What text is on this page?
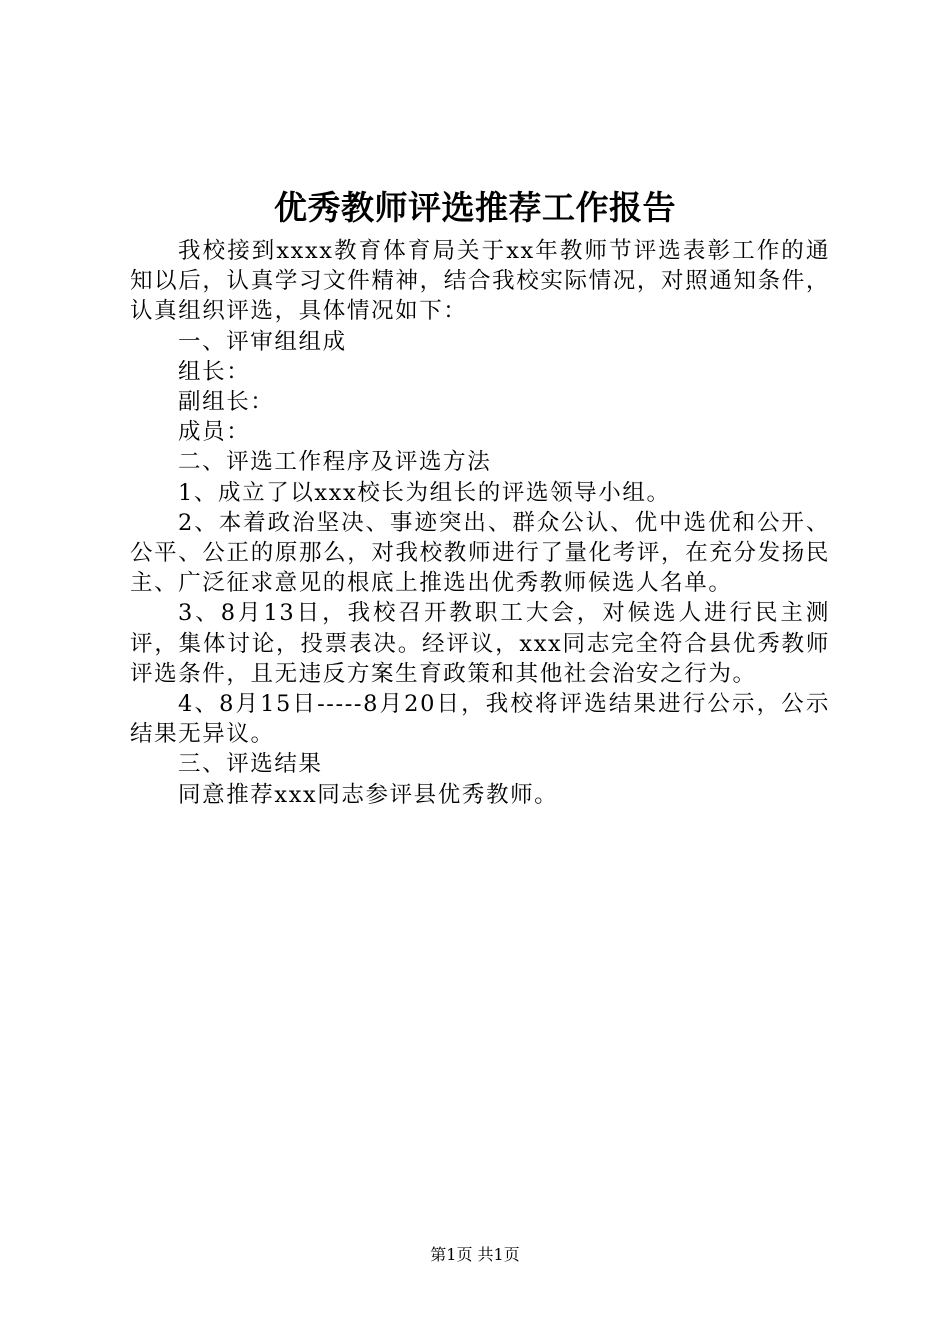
优秀教师评选推荐工作报告

我校接到xxxx教育体育局关于xx年教师节评选表彰工作的通知以后，认真学习文件精神，结合我校实际情况，对照通知条件，认真组织评选，具体情况如下：

一、评审组组成

组长：

副组长：

成员：

二、评选工作程序及评选方法

1、成立了以xxx校长为组长的评选领导小组。

2、本着政治坚决、事迹突出、群众公认、优中选优和公开、公平、公正的原那么，对我校教师进行了量化考评，在充分发扬民主、广泛征求意见的根底上推选出优秀教师候选人名单。

3、8月13日，我校召开教职工大会，对候选人进行民主测评，集体讨论，投票表决。经评议，xxx同志完全符合县优秀教师评选条件，且无违反方案生育政策和其他社会治安之行为。

4、8月15日-----8月20日，我校将评选结果进行公示，公示结果无异议。

三、评选结果

同意推荐xxx同志参评县优秀教师。

第1页 共1页
